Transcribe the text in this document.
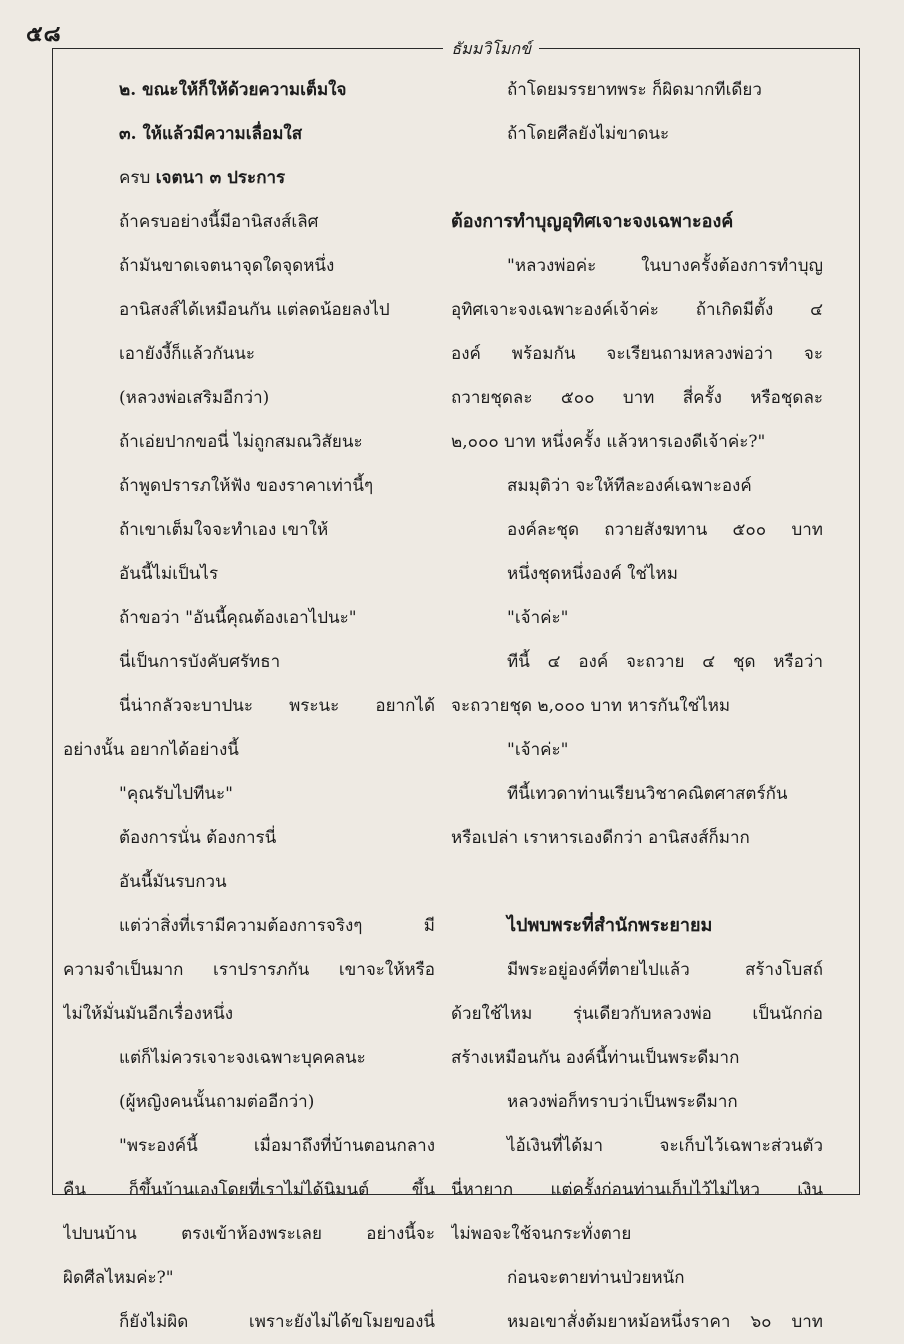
๕๘
ธัมมวิโมกข์
๒. ขณะให้ก็ให้ด้วยความเต็มใจ
๓. ให้แล้วมีความเลื่อมใส
ครบ เจตนา ๓ ประการ
ถ้าครบอย่างนี้มีอานิสงส์เลิศ
ถ้ามันขาดเจตนาจุดใดจุดหนึ่ง
อานิสงส์ได้เหมือนกัน แต่ลดน้อยลงไป
เอายังงี้ก็แล้วกันนะ
(หลวงพ่อเสริมอีกว่า)
ถ้าเอ่ยปากขอนี่ ไม่ถูกสมณวิสัยนะ
ถ้าพูดปรารภให้ฟัง ของราคาเท่านี้ๆ
ถ้าเขาเต็มใจจะทำเอง เขาให้
อันนี้ไม่เป็นไร
ถ้าขอว่า "อันนี้คุณต้องเอาไปนะ"
นี่เป็นการบังคับศรัทธา
นี่น่ากลัวจะบาปนะ พระนะ อยากได้
อย่างนั้น อยากได้อย่างนี้
"คุณรับไปทีนะ"
ต้องการนั่น ต้องการนี่
อันนี้มันรบกวน
แต่ว่าสิ่งที่เรามีความต้องการจริงๆ มี
ความจำเป็นมาก เราปรารภกัน เขาจะให้หรือ
ไม่ให้มั่นมันอีกเรื่องหนึ่ง
แต่ก็ไม่ควรเจาะจงเฉพาะบุคคลนะ
(ผู้หญิงคนนั้นถามต่ออีกว่า)
"พระองค์นี้ เมื่อมาถึงที่บ้านตอนกลาง
คืน ก็ขึ้นบ้านเองโดยที่เราไม่ได้นิมนต์ ขึ้น
ไปบนบ้าน ตรงเข้าห้องพระเลย อย่างนี้จะ
ผิดศีลไหมค่ะ?"
ก็ยังไม่ผิด เพราะยังไม่ได้ขโมยของนี่
ถ้าโดยมรรยาทพระ ก็ผิดมากทีเดียว
ถ้าโดยศีลยังไม่ขาดนะ
ต้องการทำบุญอุทิศเจาะจงเฉพาะองค์
"หลวงพ่อค่ะ ในบางครั้งต้องการทำบุญ
อุทิศเจาะจงเฉพาะองค์เจ้าค่ะ ถ้าเกิดมีตั้ง ๔
องค์ พร้อมกัน จะเรียนถามหลวงพ่อว่า จะ
ถวายชุดละ ๕๐๐ บาท สี่ครั้ง หรือชุดละ
๒,๐๐๐ บาท หนึ่งครั้ง แล้วหารเองดีเจ้าค่ะ?"
สมมุติว่า จะให้ทีละองค์เฉพาะองค์
องค์ละชุด ถวายสังฆทาน ๕๐๐ บาท
หนึ่งชุดหนึ่งองค์ ใช่ไหม
"เจ้าค่ะ"
ทีนี้ ๔ องค์ จะถวาย ๔ ชุด หรือว่า
จะถวายชุด ๒,๐๐๐ บาท หารกันใช่ไหม
"เจ้าค่ะ"
ทีนี้เทวดาท่านเรียนวิชาคณิตศาสตร์กัน
หรือเปล่า เราหารเองดีกว่า อานิสงส์ก็มาก
ไปพบพระที่สำนักพระยายม
มีพระอยู่องค์ที่ตายไปแล้ว สร้างโบสถ์
ด้วยใช้ไหม รุ่นเดียวกับหลวงพ่อ เป็นนักก่อ
สร้างเหมือนกัน องค์นี้ท่านเป็นพระดีมาก
หลวงพ่อก็ทราบว่าเป็นพระดีมาก
ไอ้เงินที่ได้มา จะเก็บไว้เฉพาะส่วนตัว
นี่หายาก แต่ครั้งก่อนท่านเก็บไว้ไม่ไหว เงิน
ไม่พอจะใช้จนกระทั่งตาย
ก่อนจะตายท่านป่วยหนัก
หมอเขาสั่งต้มยาหม้อหนึ่งราคา ๖๐ บาท
